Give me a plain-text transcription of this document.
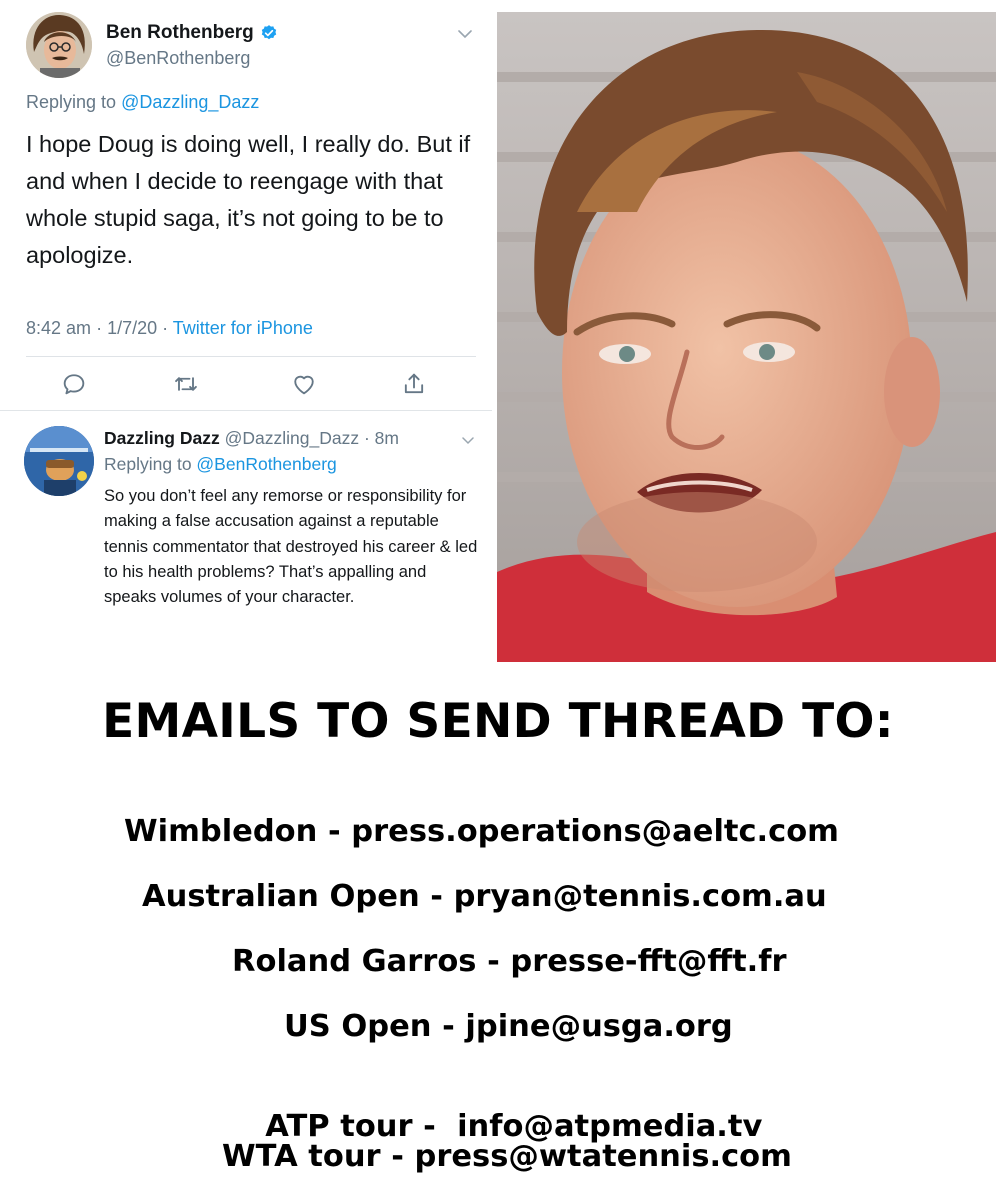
Ben Rothenberg
@BenRothenberg
Replying to @Dazzling_Dazz
I hope Doug is doing well, I really do. But if and when I decide to reengage with that whole stupid saga, it’s not going to be to apologize.
8:42 am · 1/7/20 · Twitter for iPhone
Dazzling Dazz @Dazzling_Dazz · 8m
Replying to @BenRothenberg
So you don’t feel any remorse or responsibility for making a false accusation against a reputable tennis commentator that destroyed his career & led to his health problems? That’s appalling and speaks volumes of your character.
EMAILS TO SEND THREAD TO:
Wimbledon - press.operations@aeltc.com
Australian Open - pryan@tennis.com.au
Roland Garros - presse-fft@fft.fr
US Open - jpine@usga.org

ATP tour -  info@atpmedia.tv

WTA tour - press@wtatennis.com
